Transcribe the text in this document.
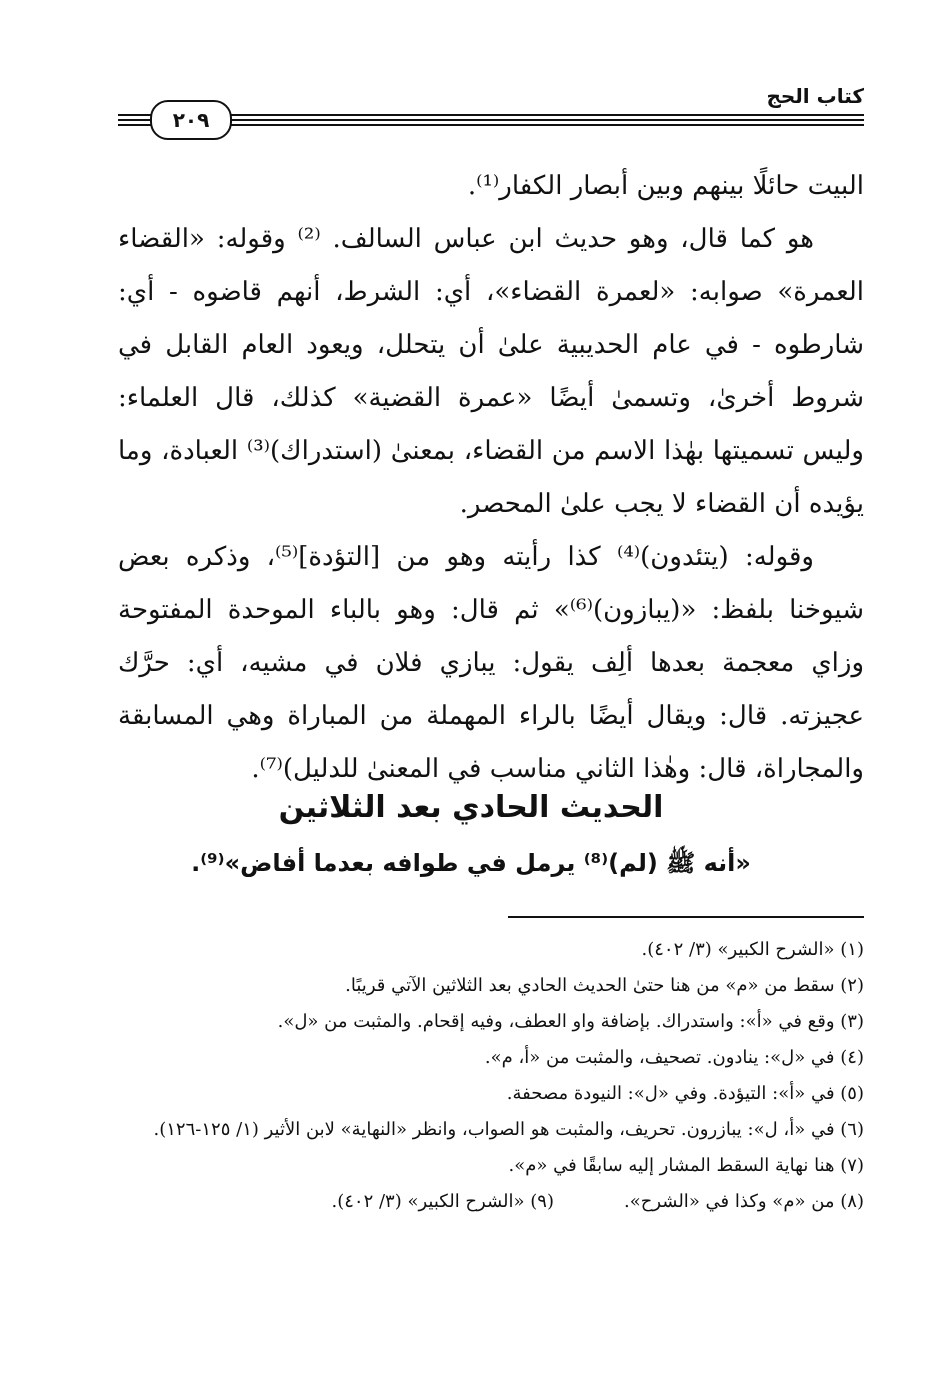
٢٠٩
كتاب الحج

البيت حائلًا بينهم وبين أبصار الكفار⁽¹⁾.

هو كما قال، وهو حديث ابن عباس السالف. ⁽²⁾ وقوله: «القضاء العمرة» صوابه: «لعمرة القضاء»، أي: الشرط، أنهم قاضوه - أي: شارطوه - في عام الحديبية علىٰ أن يتحلل، ويعود العام القابل في شروط أخرىٰ، وتسمىٰ أيضًا «عمرة القضية» كذلك، قال العلماء: وليس تسميتها بهٰذا الاسم من القضاء، بمعنىٰ (استدراك)⁽³⁾ العبادة، وما يؤيده أن القضاء لا يجب علىٰ المحصر.

وقوله: (يتئدون)⁽⁴⁾ كذا رأيته وهو من [التؤدة]⁽⁵⁾، وذكره بعض شيوخنا بلفظ: «(يبازون)⁽⁶⁾» ثم قال: وهو بالباء الموحدة المفتوحة وزاي معجمة بعدها ألِف يقول: يبازي فلان في مشيه، أي: حرَّك عجيزته. قال: ويقال أيضًا بالراء المهملة من المباراة وهي المسابقة والمجاراة، قال: وهٰذا الثاني مناسب في المعنىٰ للدليل)⁽⁷⁾.

الحديث الحادي بعد الثلاثين
«أنه ﷺ (لم)⁽⁸⁾ يرمل في طوافه بعدما أفاض»⁽⁹⁾.

(١) «الشرح الكبير» (٣/ ٤٠٢).

(٢) سقط من «م» من هنا حتىٰ الحديث الحادي بعد الثلاثين الآتي قريبًا.

(٣) وقع في «أ»: واستدراك. بإضافة واو العطف، وفيه إقحام. والمثبت من «ل».

(٤) في «ل»: ينادون. تصحيف، والمثبت من «أ، م».

(٥) في «أ»: التيؤدة. وفي «ل»: النيودة مصحفة.

(٦) في «أ، ل»: يبازرون. تحريف، والمثبت هو الصواب، وانظر «النهاية» لابن الأثير (١/ ١٢٥-١٢٦).

(٧) هنا نهاية السقط المشار إليه سابقًا في «م».

(٨) من «م» وكذا في «الشرح».
(٩) «الشرح الكبير» (٣/ ٤٠٢).
